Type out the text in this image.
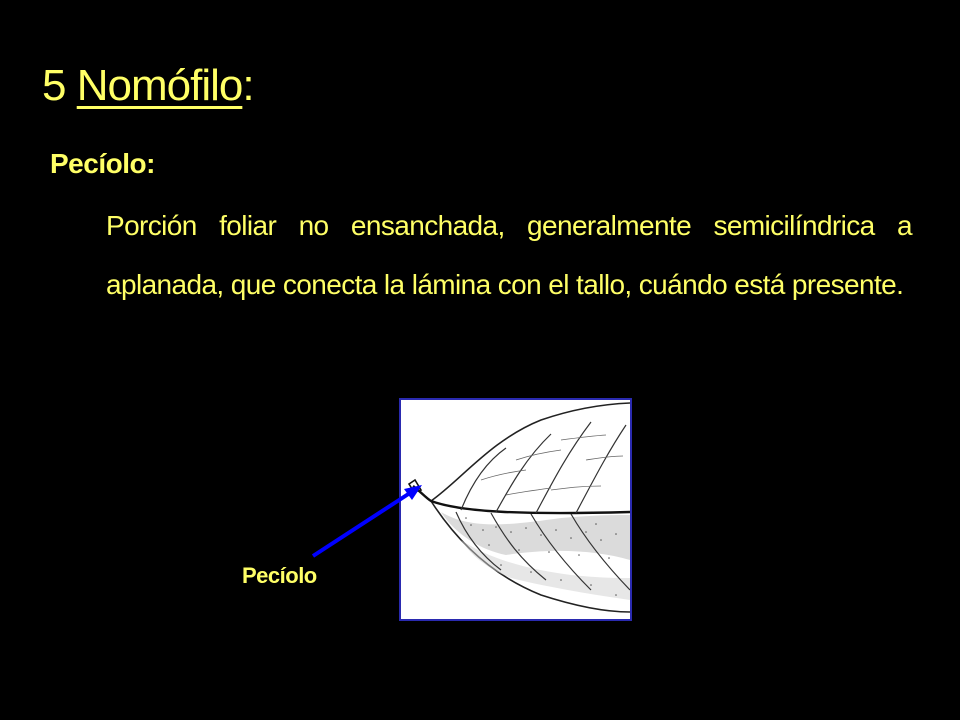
5 Nomófilo:
Pecíolo:
Porción foliar no ensanchada, generalmente semicilíndrica a aplanada, que conecta la lámina con el tallo, cuándo está presente.
Pecíolo
